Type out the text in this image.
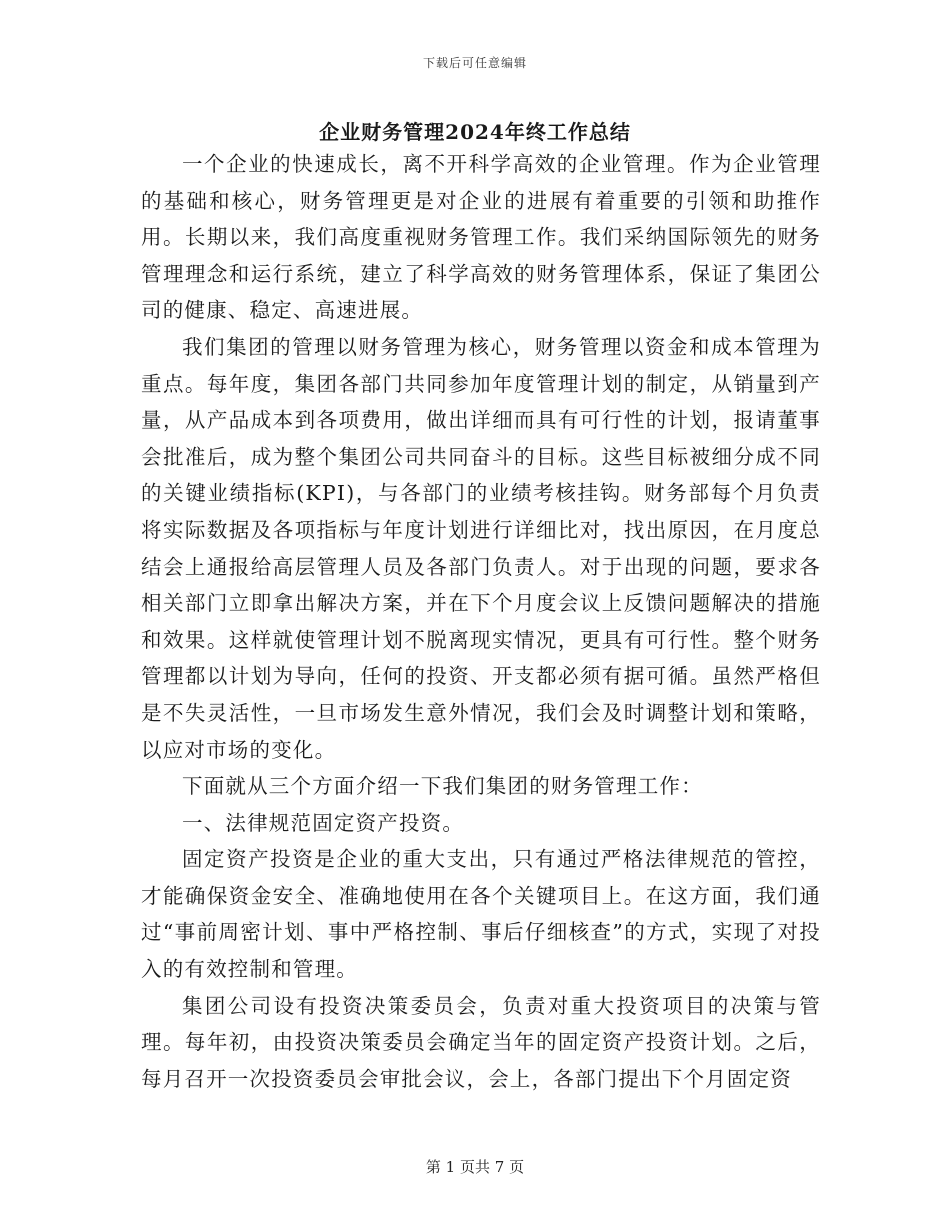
下载后可任意编辑
企业财务管理2024年终工作总结

一个企业的快速成长，离不开科学高效的企业管理。作为企业管理的基础和核心，财务管理更是对企业的进展有着重要的引领和助推作用。长期以来，我们高度重视财务管理工作。我们采纳国际领先的财务管理理念和运行系统，建立了科学高效的财务管理体系，保证了集团公司的健康、稳定、高速进展。

我们集团的管理以财务管理为核心，财务管理以资金和成本管理为重点。每年度，集团各部门共同参加年度管理计划的制定，从销量到产量，从产品成本到各项费用，做出详细而具有可行性的计划，报请董事会批准后，成为整个集团公司共同奋斗的目标。这些目标被细分成不同的关键业绩指标(KPI)，与各部门的业绩考核挂钩。财务部每个月负责将实际数据及各项指标与年度计划进行详细比对，找出原因，在月度总结会上通报给高层管理人员及各部门负责人。对于出现的问题，要求各相关部门立即拿出解决方案，并在下个月度会议上反馈问题解决的措施和效果。这样就使管理计划不脱离现实情况，更具有可行性。整个财务管理都以计划为导向，任何的投资、开支都必须有据可循。虽然严格但是不失灵活性，一旦市场发生意外情况，我们会及时调整计划和策略，以应对市场的变化。

下面就从三个方面介绍一下我们集团的财务管理工作：

一、法律规范固定资产投资。

固定资产投资是企业的重大支出，只有通过严格法律规范的管控，才能确保资金安全、准确地使用在各个关键项目上。在这方面，我们通过“事前周密计划、事中严格控制、事后仔细核查”的方式，实现了对投入的有效控制和管理。

集团公司设有投资决策委员会，负责对重大投资项目的决策与管理。每年初，由投资决策委员会确定当年的固定资产投资计划。之后，每月召开一次投资委员会审批会议，会上，各部门提出下个月固定资

第 1 页共 7 页
